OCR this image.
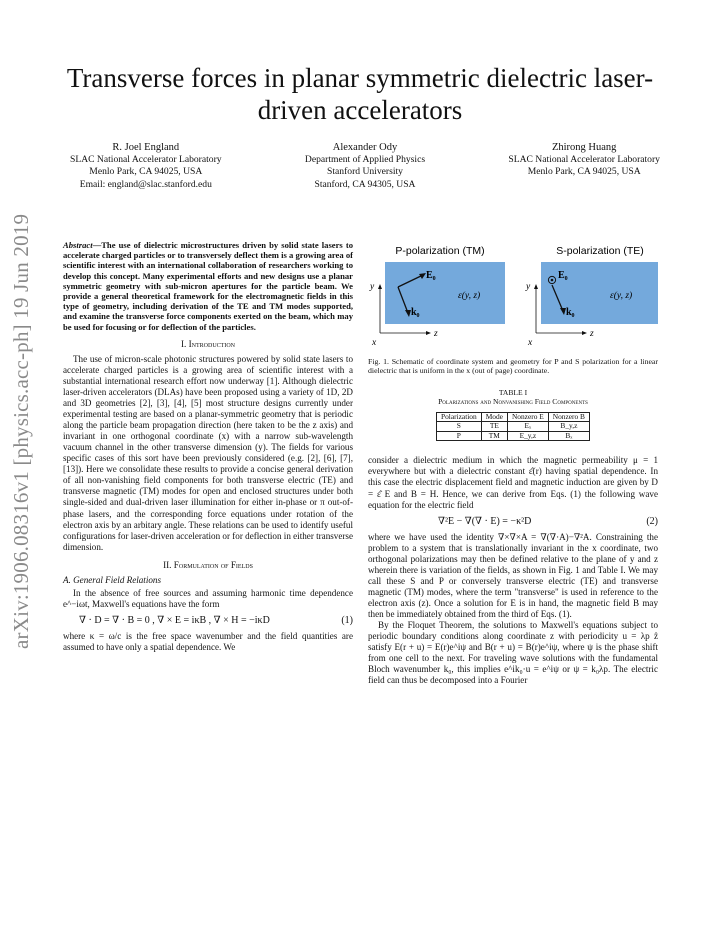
arXiv:1906.08316v1 [physics.acc-ph] 19 Jun 2019
Transverse forces in planar symmetric dielectric laser-driven accelerators
R. Joel England
SLAC National Accelerator Laboratory
Menlo Park, CA 94025, USA
Email: england@slac.stanford.edu
Alexander Ody
Department of Applied Physics
Stanford University
Stanford, CA 94305, USA
Zhirong Huang
SLAC National Accelerator Laboratory
Menlo Park, CA 94025, USA
Abstract—The use of dielectric microstructures driven by solid state lasers to accelerate charged particles or to transversely deflect them is a growing area of scientific interest with an international collaboration of researchers working to develop this concept. Many experimental efforts and new designs use a planar symmetric geometry with sub-micron apertures for the particle beam. We provide a general theoretical framework for the electromagnetic fields in this type of geometry, including derivation of the TE and TM modes supported, and examine the transverse force components exerted on the beam, which may be used for focusing or for deflection of the particles.
I. Introduction

The use of micron-scale photonic structures powered by solid state lasers to accelerate charged particles is a growing area of scientific interest with a substantial international research effort now underway [1]. Although dielectric laser-driven accelerators (DLAs) have been proposed using a variety of 1D, 2D and 3D geometries [2], [3], [4], [5] most structure designs currently under experimental testing are based on a planar-symmetric geometry that is periodic along the particle beam propagation direction (here taken to be the z axis) and invariant in one orthogonal coordinate (x) with a narrow sub-wavelength vacuum channel in the other transverse dimension (y). The fields for various specific cases of this sort have been previously considered (e.g. [2], [6], [7], [13]). Here we consolidate these results to provide a concise general derivation of all non-vanishing field components for both transverse electric (TE) and transverse magnetic (TM) modes for open and enclosed structures under both single-sided and dual-driven laser illumination for either in-phase or π out-of-phase lasers, and the corresponding force equations under rotation of the electron axis by an arbitary angle. These relations can be used to identify useful configurations for laser-driven acceleration or for deflection in either transverse dimension.

II. Formulation of Fields
A. General Field Relations

In the absence of free sources and assuming harmonic time dependence e^−iωt, Maxwell's equations have the form

∇ · D = ∇ · B = 0 , ∇ × E = iκB , ∇ × H = −iκD	(1)

where κ = ω/c is the free space wavenumber and the field quantities are assumed to have only a spatial dependence. We

P-polarization (TM)
E₀
k₀
ε(y, z)
y
z
x
S-polarization (TE)
E₀
k₀
ε(y, z)
y
z
x
Fig. 1. Schematic of coordinate system and geometry for P and S polarization for a linear dielectric that is uniform in the x (out of page) coordinate.
TABLE I
Polarizations and Nonvanishing Field Components
Polarization	Mode	Nonzero E	Nonzero B
S	TE	Eₓ	B_y,z
P	TM	E_y,z	Bₓ

consider a dielectric medium in which the magnetic permeability μ = 1 everywhere but with a dielectric constant ε̂(r) having spatial dependence. In this case the electric displacement field and magnetic induction are given by D = ε̂ E and B = H. Hence, we can derive from Eqs. (1) the following wave equation for the electric field

∇²E − ∇(∇ · E) = −κ²D	(2)

where we have used the identity ∇×∇×A = ∇(∇·A)−∇²A. Constraining the problem to a system that is translationally invariant in the x coordinate, two orthogonal polarizations may then be defined relative to the plane of y and z wherein there is variation of the fields, as shown in Fig. 1 and Table I. We may call these S and P or conversely transverse electric (TE) and transverse magnetic (TM) modes, where the term "transverse" is used in reference to the electron axis (z). Once a solution for E is in hand, the magnetic field B may then be immediately obtained from the third of Eqs. (1).

By the Floquet Theorem, the solutions to Maxwell's equations subject to periodic boundary conditions along coordinate z with periodicity u = λp ẑ satisfy E(r + u) = E(r)e^iψ and B(r + u) = B(r)e^iψ, where ψ is the phase shift from one cell to the next. For traveling wave solutions with the fundamental Bloch wavenumber k₀, this implies e^ik₀·u = e^iψ or ψ = k₀λp. The electric field can thus be decomposed into a Fourier
